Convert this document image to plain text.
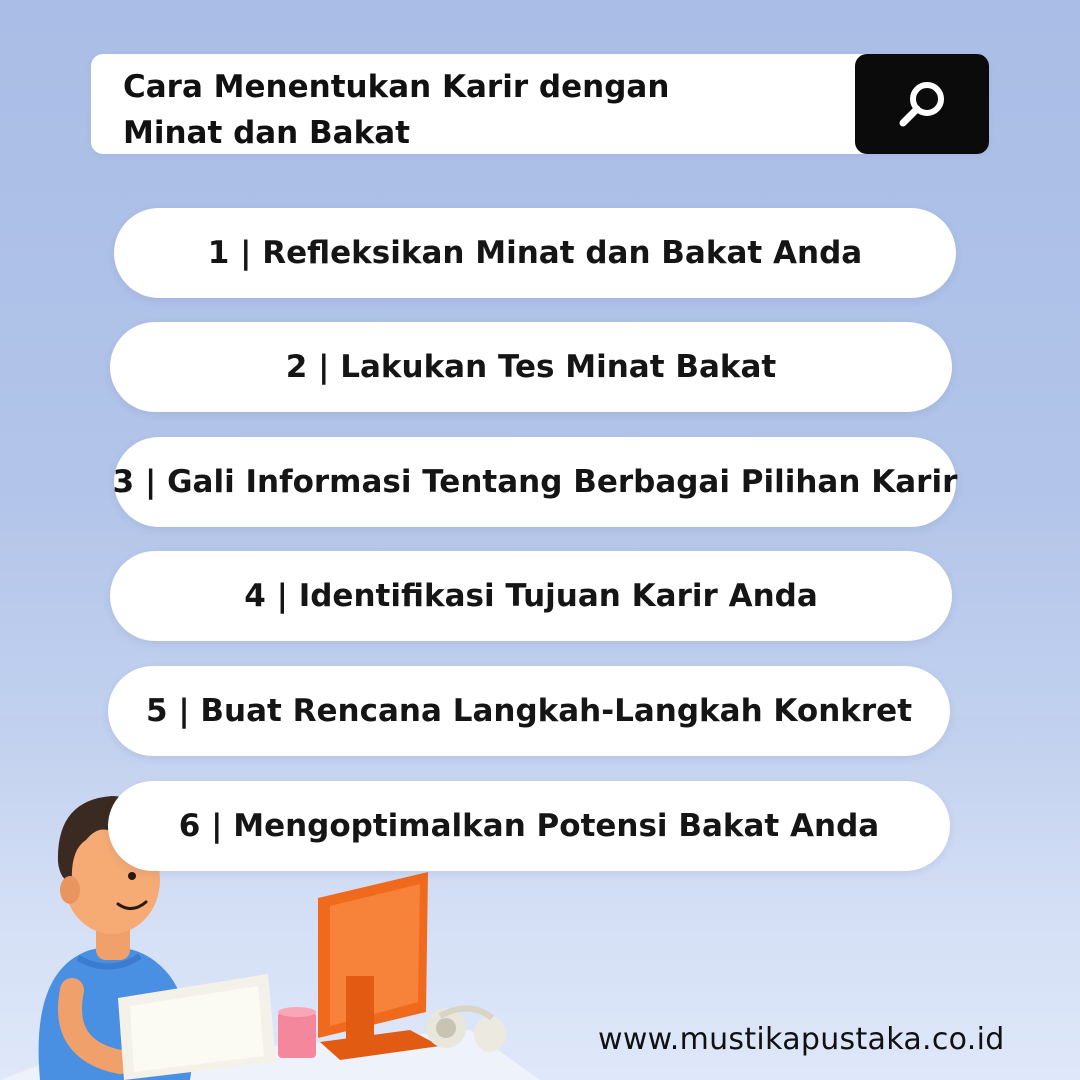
Cara Menentukan Karir dengan Minat dan Bakat
1 | Refleksikan Minat dan Bakat Anda
2 | Lakukan Tes Minat Bakat
3 | Gali Informasi Tentang Berbagai Pilihan Karir
4 | Identifikasi Tujuan Karir Anda
5 | Buat Rencana Langkah-Langkah Konkret
6 | Mengoptimalkan Potensi Bakat Anda
www.mustikapustaka.co.id
